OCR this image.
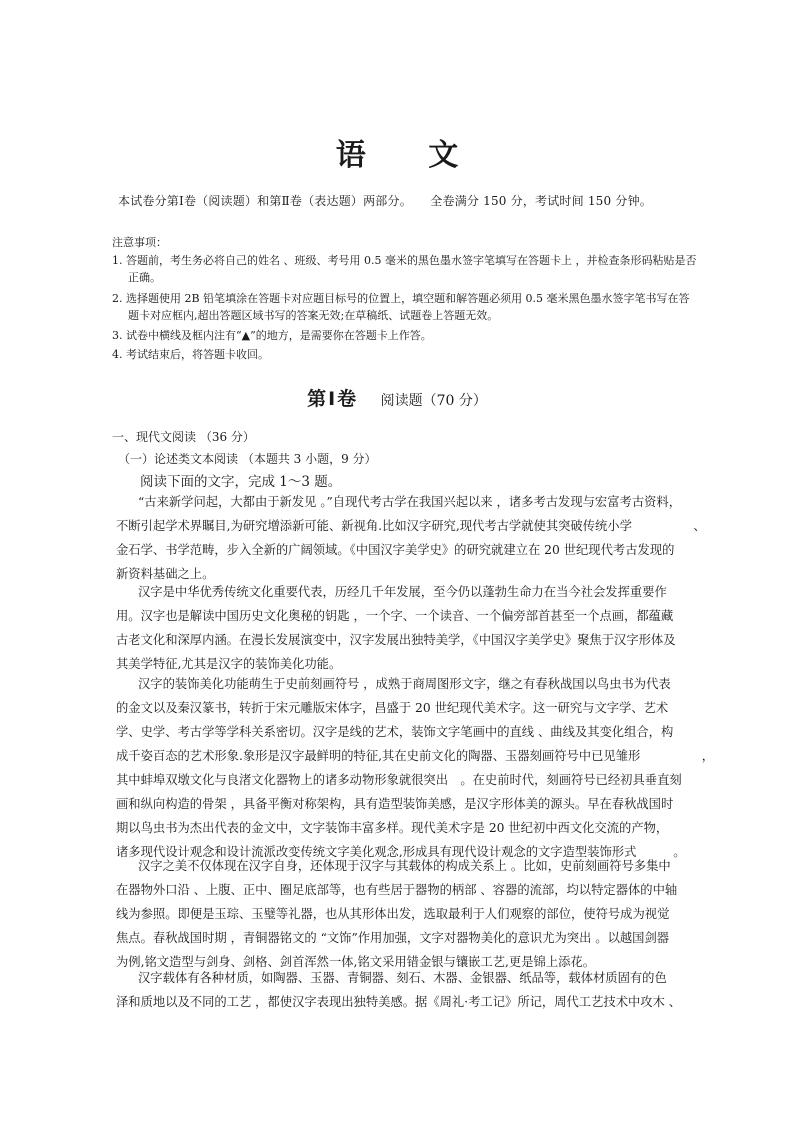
语 文
本试卷分第Ⅰ卷（阅读题）和第Ⅱ卷（表达题）两部分。　　全卷满分 150 分，考试时间 150 分钟。
注意事项：
1. 答题前，考生务必将自己的姓名 、班级、考号用 0.5 毫米的黑色墨水签字笔填写在答题卡上 ，并检查条形码粘贴是否
正确。
2. 选择题使用 2B 铅笔填涂在答题卡对应题目标号的位置上，填空题和解答题必须用 0.5 毫米黑色墨水签字笔书写在答
题卡对应框内,超出答题区域书写的答案无效;在草稿纸、试题卷上答题无效。
3. 试卷中横线及框内注有“▲”的地方，是需要你在答题卡上作答。
4. 考试结束后，将答题卡收回。
第Ⅰ卷 阅读题（70 分）
一、现代文阅读 （36 分）
（一）论述类文本阅读 （本题共 3 小题，9 分）
阅读下面的文字，完成 1～3 题。
“古来新学问起，大都由于新发见 。”自现代考古学在我国兴起以来 ，诸多考古发现与宏富考古资料，
不断引起学术界瞩目,为研究增添新可能、新视角.比如汉字研究,现代考古学就使其突破传统小学　　　　　、
金石学、书学范畴，步入全新的广阔领域。《中国汉字美学史》的研究就建立在 20 世纪现代考古发现的
新资料基础之上。
汉字是中华优秀传统文化重要代表，历经几千年发展，至今仍以蓬勃生命力在当今社会发挥重要作
用。汉字也是解读中国历史文化奥秘的钥匙 ，一个字、一个读音、一个偏旁部首甚至一个点画，都蕴藏
古老文化和深厚内涵。在漫长发展演变中，汉字发展出独特美学，《中国汉字美学史》聚焦于汉字形体及
其美学特征,尤其是汉字的装饰美化功能。
汉字的装饰美化功能萌生于史前刻画符号 ，成熟于商周图形文字，继之有春秋战国以鸟虫书为代表
的金文以及秦汉篆书，转折于宋元雕版宋体字，昌盛于 20 世纪现代美术字。这一研究与文字学、艺术
学、史学、考古学等学科关系密切。汉字是线的艺术，装饰文字笔画中的直线 、曲线及其变化组合，构
成千姿百态的艺术形象.象形是汉字最鲜明的特征,其在史前文化的陶器、玉器刻画符号中已见雏形　　　　　，
其中蚌埠双墩文化与良渚文化器物上的诸多动物形象就很突出　。在史前时代，刻画符号已经初具垂直刻
画和纵向构造的骨架 ，具备平衡对称架构，具有造型装饰美感，是汉字形体美的源头。早在春秋战国时
期以鸟虫书为杰出代表的金文中，文字装饰丰富多样。现代美术字是 20 世纪初中西文化交流的产物，
诸多现代设计观念和设计流派改变传统文字美化观念,形成具有现代设计观念的文字造型装饰形式　　　。
汉字之美不仅体现在汉字自身，还体现于汉字与其载体的构成关系上 。比如，史前刻画符号多集中
在器物外口沿 、上腹、正中、圈足底部等，也有些居于器物的柄部 、容器的流部，均以特定器体的中轴
线为参照。即便是玉琮、玉璧等礼器，也从其形体出发，选取最利于人们观察的部位，使符号成为视觉
焦点。春秋战国时期 ，青铜器铭文的 “文饰”作用加强，文字对器物美化的意识尤为突出 。以越国剑器
为例,铭文造型与剑身、剑格、剑首浑然一体,铭文采用错金银与镶嵌工艺,更是锦上添花。
汉字载体有各种材质，如陶器、玉器、青铜器、刻石、木器、金银器、纸品等，载体材质固有的色
泽和质地以及不同的工艺 ，都使汉字表现出独特美感。据《周礼·考工记》所记，周代工艺技术中攻木 、
